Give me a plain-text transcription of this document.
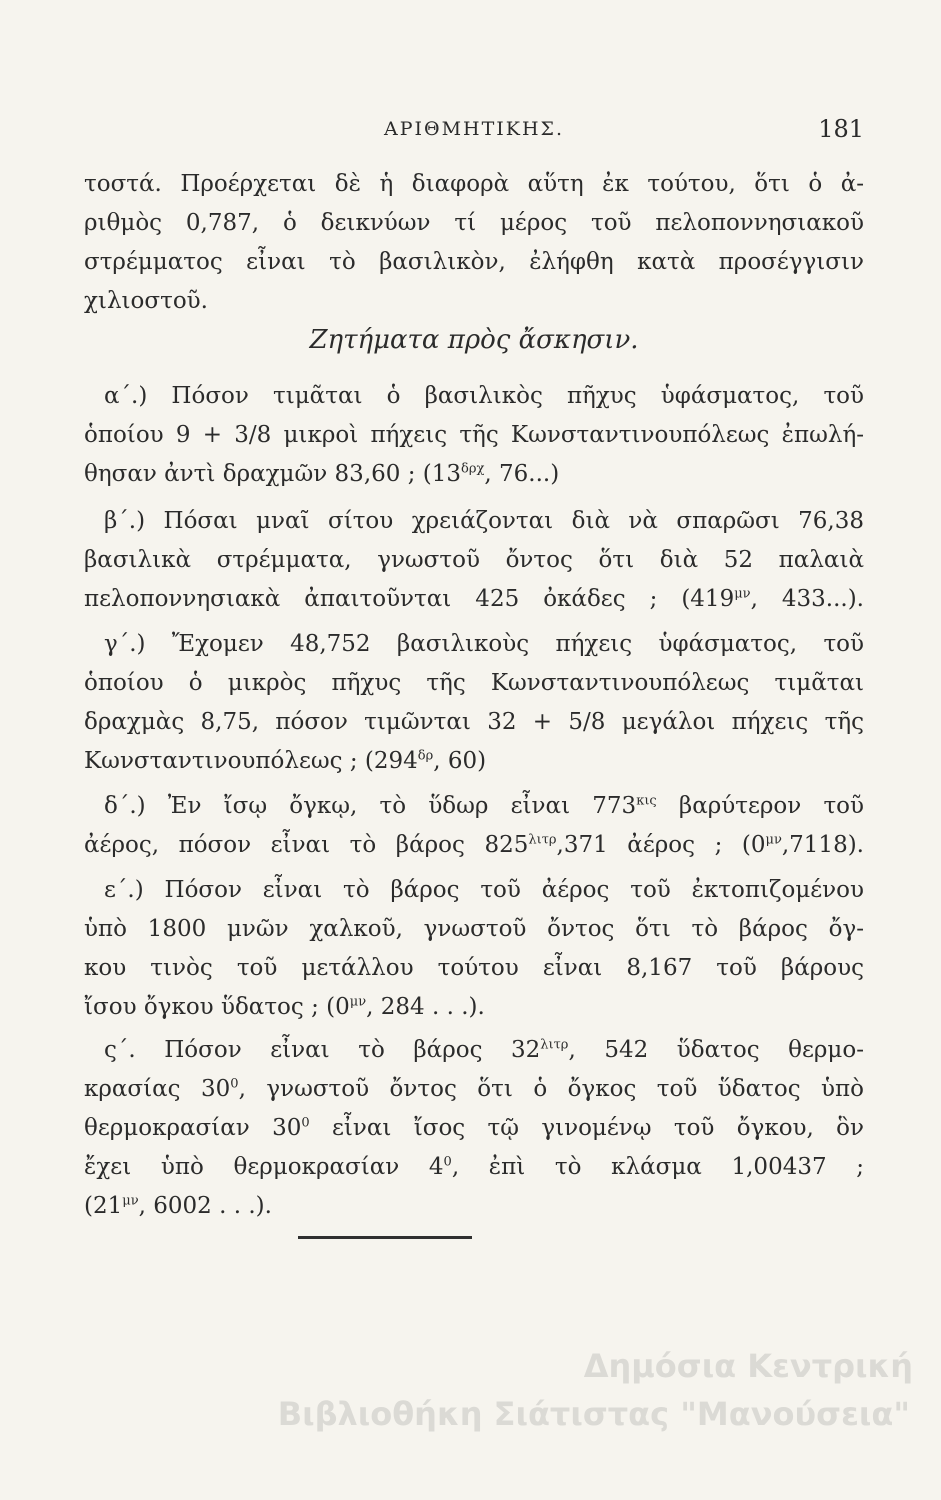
ΑΡΙΘΜΗΤΙΚΗΣ.	181
τοστά. Προέρχεται δὲ ἡ διαφορὰ αὕτη ἐκ τούτου, ὅτι ὁ ἀ-
ριθμὸς 0,787, ὁ δεικνύων τί μέρος τοῦ πελοποννησιακοῦ
στρέμματος εἶναι τὸ βασιλικὸν, ἐλήφθη κατὰ προσέγγισιν
χιλιοστοῦ.
Ζητήματα πρὸς ἄσκησιν.
α΄.) Πόσον τιμᾶται ὁ βασιλικὸς πῆχυς ὑφάσματος, τοῦ
ὁποίου 9 + 3/8 μικροὶ πήχεις τῆς Κωνσταντινουπόλεως ἐπωλή-
θησαν ἀντὶ δραχμῶν 83,60 ; ($13^{\delta\rho\chi}$, 76...)
β΄.) Πόσαι μναῖ σίτου χρειάζονται διὰ νὰ σπαρῶσι 76,38
βασιλικὰ στρέμματα, γνωστοῦ ὄντος ὅτι διὰ 52 παλαιὰ
πελοποννησιακὰ ἀπαιτοῦνται 425 ὀκάδες ; ($419^{\mu\nu}$, 433...).
γ΄.) Ἔχομεν 48,752 βασιλικοὺς πήχεις ὑφάσματος, τοῦ
ὁποίου ὁ μικρὸς πῆχυς τῆς Κωνσταντινουπόλεως τιμᾶται
δραχμὰς 8,75, πόσον τιμῶνται 32 + 5/8 μεγάλοι πήχεις τῆς
Κωνσταντινουπόλεως ; ($294^{\delta\rho}$, 60)
δ΄.) Ἐν ἴσῳ ὄγκῳ, τὸ ὕδωρ εἶναι $773^{\kappa\iota\varsigma}$ βαρύτερον τοῦ
ἀέρος, πόσον εἶναι τὸ βάρος $825^{\lambda\iota\tau\rho},371$ ἀέρος ; $(0^{\mu\nu},7118)$.
ε΄.) Πόσον εἶναι τὸ βάρος τοῦ ἀέρος τοῦ ἐκτοπιζομένου
ὑπὸ 1800 μνῶν χαλκοῦ, γνωστοῦ ὄντος ὅτι τὸ βάρος ὄγ-
κου τινὸς τοῦ μετάλλου τούτου εἶναι 8,167 τοῦ βάρους
ἴσου ὄγκου ὕδατος ; ($0^{\mu\nu}$, 284 . . .).
ς΄. Πόσον εἶναι τὸ βάρος $32^{\lambda\iota\tau\rho}$, 542 ὕδατος θερμο-
κρασίας $30^0$, γνωστοῦ ὄντος ὅτι ὁ ὄγκος τοῦ ὕδατος ὑπὸ
θερμοκρασίαν $30^0$ εἶναι ἴσος τῷ γινομένῳ τοῦ ὄγκου, ὃν
ἔχει ὑπὸ θερμοκρασίαν $4^0$, ἐπὶ τὸ κλάσμα 1,00437 ;
($21^{\mu\nu}$, 6002 . . .).
Δημόσια Κεντρική
Βιβλιοθήκη Σιάτιστας "Μανούσεια"
